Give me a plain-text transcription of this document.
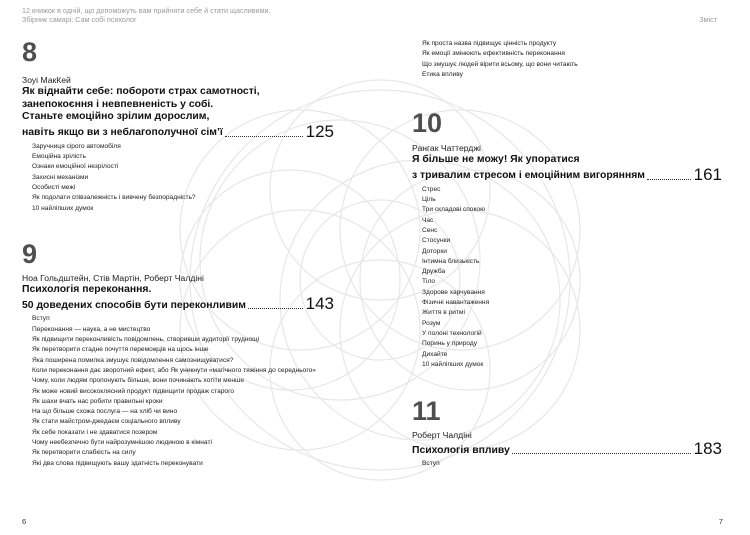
12 книжок в одній, що допоможуть вам прийняти себе й стати щасливими.
Збірник самарі: Сам собі психолог	Зміст
8
Зоуі МакКей
Як віднайти себе: побороти страх самотності,
занепокоєння і невпевненість у собі.
Станьте емоційно зрілим дорослим,
навіть якщо ви з неблагополучної сім’ї	125
Заручниця сірого автомобіля
Емоційна зрілість
Ознаки емоційної незрілості
Захисні механізми
Особисті межі
Як подолати співзалежність і вивчену безпорадність?
10 найліпших думок
9
Ноа Гольдштейн, Стів Мартін, Роберт Чалдіні
Психологія переконання.
50 доведених способів бути переконливим	143
Вступ
Переконання — наука, а не мистецтво
Як підвищити переконливість повідомлень, створивши аудиторії труднощі
Як перетворити стадне почуття перемоҗців на щось інше
Яка поширена помилка змушує повідомлення самознищуватися?
Коли переконання дає зворотний ефект, або Як уникнути «магічного тяжіння до середнього»
Чому, коли людям пропонують більше, вони починають хотіти менше
Як може новий висококлясний продукт підвищити продаж старого
Як шахи вчать нас робити правильні кроки
На що більше схожа послуга — на хліб чи вино
Як стати майстром-джедаєм соціального впливу
Як себе показати і не здаватися позером
Чому неебезпечно бути найрозумнішою людиною в кімнаті
Як перетворити слабкість на силу
Які два слова підвищують вашу здатність переконувати
Як проста назва підвищує цінність продукту
Як емоції змінюють ефективність переконання
Що змушує людей вірити всьому, що вони читають
Етика впливу
10
Рангак Чаттерджі
Я більше не можу! Як упоратися
з тривалим стресом і емоційним вигорянням	161
Стрес
Ціль
Три складові спокою
Час
Сенс
Стосунки
Доторки
Інтимна близькість
Дружба
Тіло
Здорове харчування
Фізичні навантаження
Життя в ритмі
Розум
У полоні технологій
Поринь у природу
Дихайте
10 найліпших думок
11
Роберт Чалдіні
Психологія впливу	183
Вступ
6	7
